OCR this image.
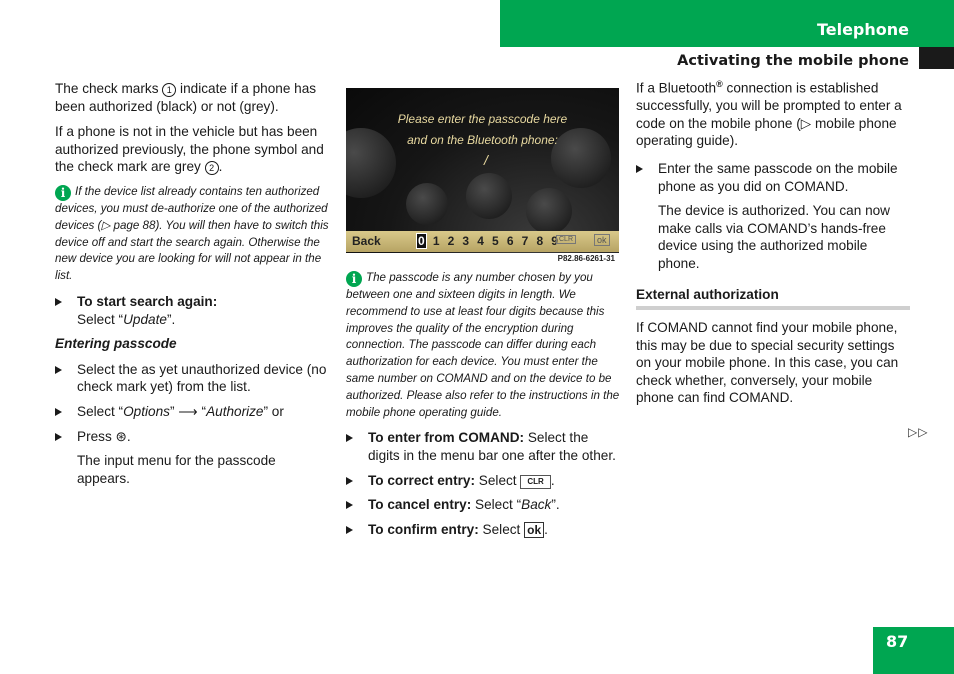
Telephone
Activating the mobile phone

The check marks 1 indicate if a phone has been authorized (black) or not (grey).

If a phone is not in the vehicle but has been authorized previously, the phone symbol and the check mark are grey 2 .

i If the device list already contains ten authorized devices, you must de-authorize one of the authorized devices (▷ page 88). You will then have to switch this device off and start the search again. Otherwise the new device you are looking for will not appear in the list.

To start search again:
Select “Update”.

Entering passcode

Select the as yet unauthorized device (no check mark yet) from the list.
Select “Options” ⟶ “Authorize” or
Press ⊛.

The input menu for the passcode appears.

Please enter the passcode here
and on the Bluetooth phone:
/
Back	0 1 2 3 4 5 6 7 8 9
CLR	ok
P82.86-6261-31

i The passcode is any number chosen by you between one and sixteen digits in length. We recommend to use at least four digits because this improves the quality of the encryption during connection. The passcode can differ during each authorization for each device. You must enter the same number on COMAND and on the device to be authorized. Please also refer to the instructions in the mobile phone operating guide.

To enter from COMAND: Select the digits in the menu bar one after the other.
To correct entry: Select CLR .
To cancel entry: Select “Back”.
To confirm entry: Select ok .

If a Bluetooth® connection is established successfully, you will be prompted to enter a code on the mobile phone (▷ mobile phone operating guide).

Enter the same passcode on the mobile phone as you did on COMAND.

The device is authorized. You can now make calls via COMAND’s hands-free device using the authorized mobile phone.

External authorization

If COMAND cannot find your mobile phone, this may be due to special security settings on your mobile phone. In this case, you can check whether, conversely, your mobile phone can find COMAND.

▷▷
87
